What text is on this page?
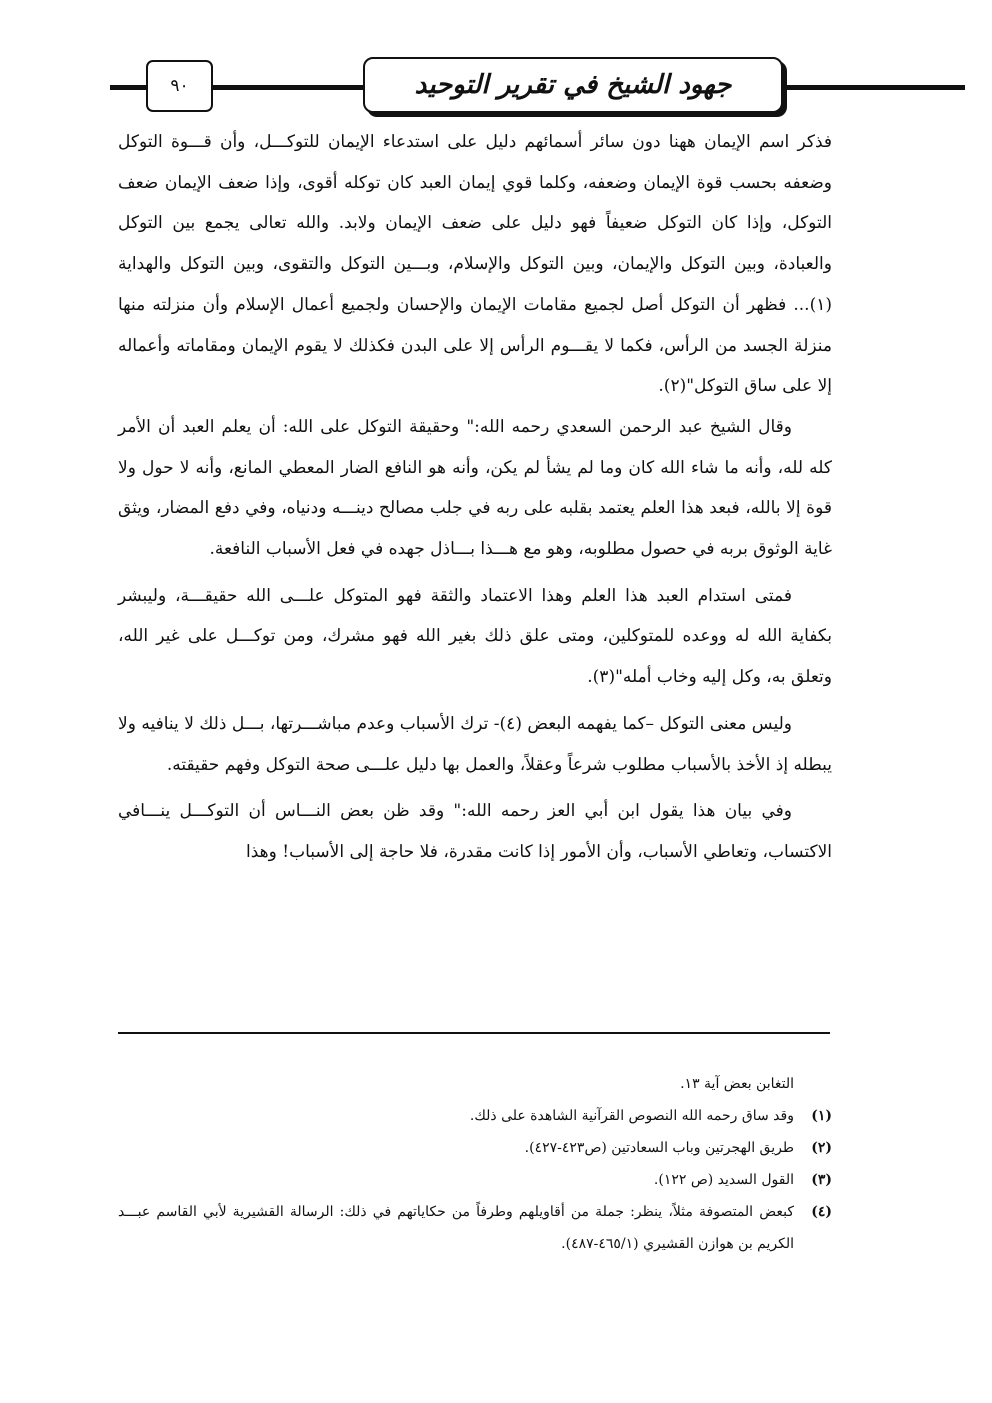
٩٠	جهود الشيخ في تقرير التوحيد

فذكر اسم الإيمان ههنا دون سائر أسمائهم دليل على استدعاء الإيمان للتوكـــل، وأن قـــوة التوكل وضعفه بحسب قوة الإيمان وضعفه، وكلما قوي إيمان العبد كان توكله أقوى، وإذا ضعف الإيمان ضعف التوكل، وإذا كان التوكل ضعيفاً فهو دليل على ضعف الإيمان ولابد. والله تعالى يجمع بين التوكل والعبادة، وبين التوكل والإيمان، وبين التوكل والإسلام، وبـــين التوكل والتقوى، وبين التوكل والهداية (١)... فظهر أن التوكل أصل لجميع مقامات الإيمان والإحسان ولجميع أعمال الإسلام وأن منزلته منها منزلة الجسد من الرأس، فكما لا يقـــوم الرأس إلا على البدن فكذلك لا يقوم الإيمان ومقاماته وأعماله إلا على ساق التوكل"(٢).

وقال الشيخ عبد الرحمن السعدي رحمه الله:" وحقيقة التوكل على الله: أن يعلم العبد أن الأمر كله لله، وأنه ما شاء الله كان وما لم يشأ لم يكن، وأنه هو النافع الضار المعطي المانع، وأنه لا حول ولا قوة إلا بالله، فبعد هذا العلم يعتمد بقلبه على ربه في جلب مصالح دينـــه ودنياه، وفي دفع المضار، ويثق غاية الوثوق بربه في حصول مطلوبه، وهو مع هـــذا بـــاذل جهده في فعل الأسباب النافعة.

فمتى استدام العبد هذا العلم وهذا الاعتماد والثقة فهو المتوكل علـــى الله حقيقـــة، وليبشر بكفاية الله له ووعده للمتوكلين، ومتى علق ذلك بغير الله فهو مشرك، ومن توكـــل على غير الله، وتعلق به، وكل إليه وخاب أمله"(٣).

وليس معنى التوكل –كما يفهمه البعض (٤)- ترك الأسباب وعدم مباشـــرتها، بـــل ذلك لا ينافيه ولا يبطله إذ الأخذ بالأسباب مطلوب شرعاً وعقلاً، والعمل بها دليل علـــى صحة التوكل وفهم حقيقته.

وفي بيان هذا يقول ابن أبي العز رحمه الله:" وقد ظن بعض النـــاس أن التوكـــل ينـــافي الاكتساب، وتعاطي الأسباب، وأن الأمور إذا كانت مقدرة، فلا حاجة إلى الأسباب! وهذا

التغابن بعض آية ١٣.
(١)
وقد ساق رحمه الله النصوص القرآنية الشاهدة على ذلك.
(٢)
طريق الهجرتين وباب السعادتين (ص٤٢٣-٤٢٧).
(٣)
القول السديد (ص ١٢٢).
(٤)
كبعض المتصوفة مثلاً، ينظر: جملة من أقاويلهم وطرفاً من حكاياتهم في ذلك: الرسالة القشيرية لأبي القاسم عبـــد الكريم بن هوازن القشيري (٤٦٥/١-٤٨٧).
